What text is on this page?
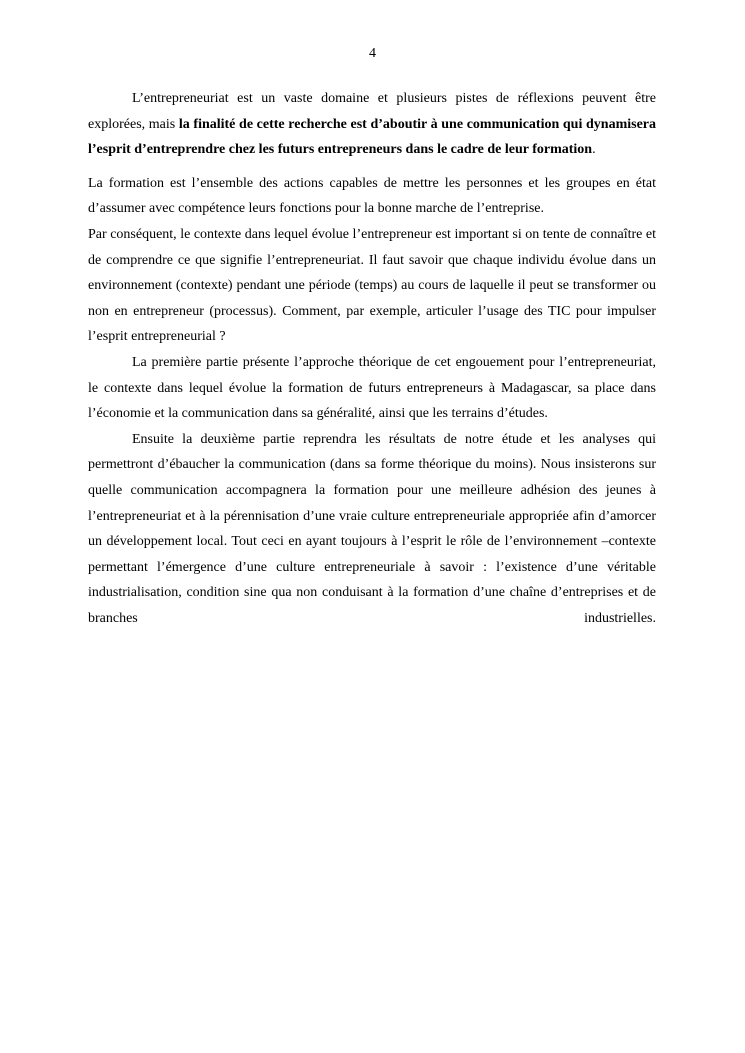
4

L’entrepreneuriat est un vaste domaine et plusieurs pistes de réflexions peuvent être explorées, mais la finalité de cette recherche est d’aboutir à une communication qui dynamisera l’esprit d’entreprendre chez les futurs entrepreneurs dans le cadre de leur formation.

La formation est l’ensemble des actions capables de mettre les personnes et les groupes en état d’assumer avec compétence leurs fonctions pour la bonne marche de l’entreprise.

Par conséquent, le contexte dans lequel évolue l’entrepreneur est important si on tente de connaître et de comprendre ce que signifie l’entrepreneuriat. Il faut savoir que chaque individu évolue dans un environnement (contexte) pendant une période (temps) au cours de laquelle il peut se transformer ou non en entrepreneur (processus). Comment, par exemple, articuler l’usage des TIC pour impulser l’esprit entrepreneurial ?

La première partie présente l’approche théorique de cet engouement pour l’entrepreneuriat, le contexte dans lequel évolue la formation de futurs entrepreneurs à Madagascar, sa place dans l’économie et la communication dans sa généralité, ainsi que les terrains d’études.

Ensuite la deuxième partie reprendra les résultats de notre étude et les analyses qui permettront d’ébaucher la communication (dans sa forme théorique du moins). Nous insisterons sur quelle communication accompagnera la formation pour une meilleure adhésion des jeunes à l’entrepreneuriat et à la pérennisation d’une vraie culture entrepreneuriale appropriée afin d’amorcer un développement local. Tout ceci en ayant toujours à l’esprit le rôle de l’environnement –contexte permettant l’émergence d’une culture entrepreneuriale à savoir : l’existence d’une véritable industrialisation, condition sine qua non conduisant à la formation d’une chaîne d’entreprises et de branches industrielles.
